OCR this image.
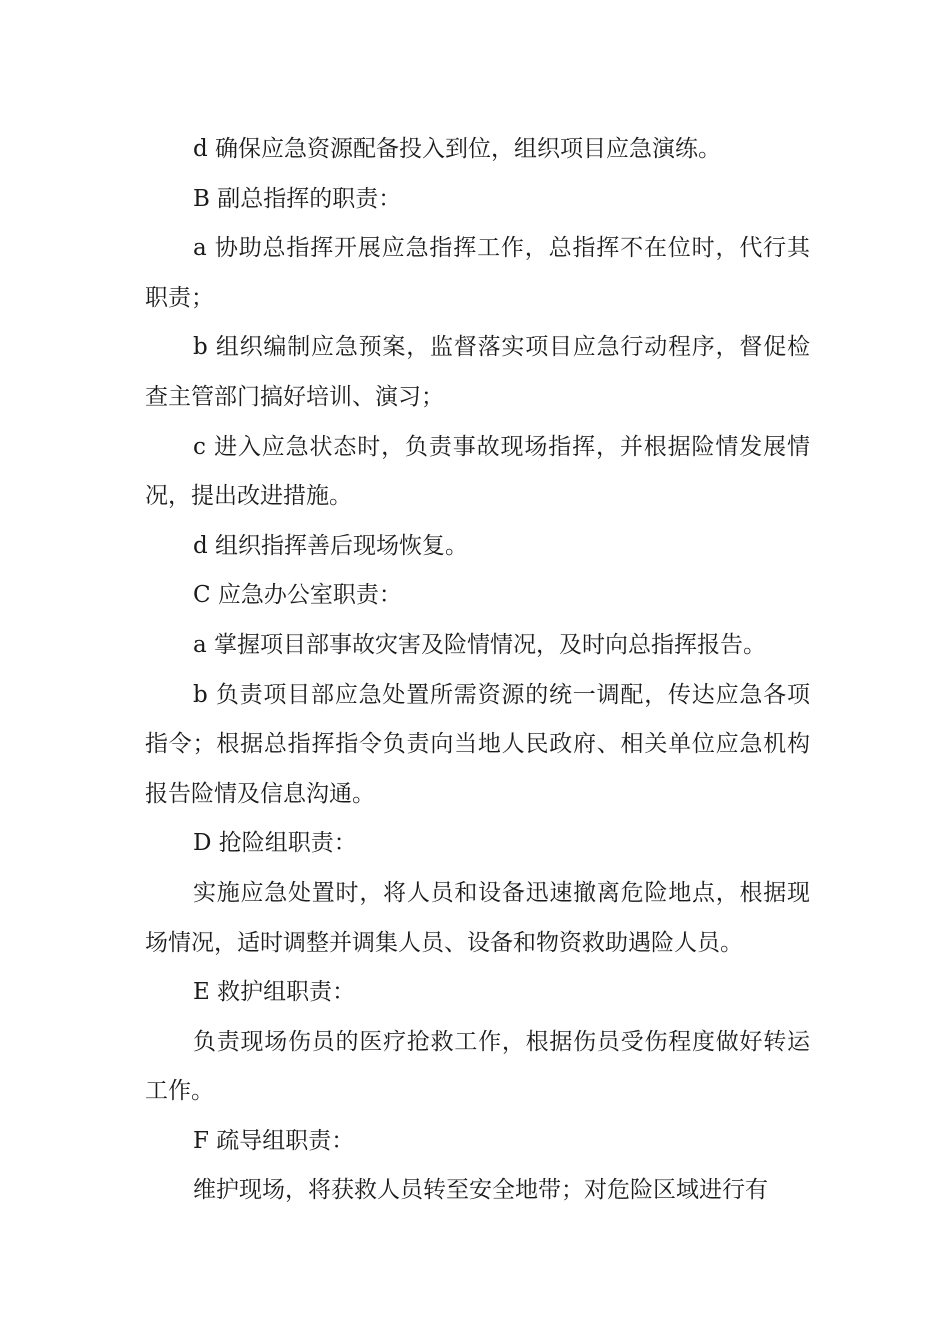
d 确保应急资源配备投入到位，组织项目应急演练。

B 副总指挥的职责：

a 协助总指挥开展应急指挥工作，总指挥不在位时，代行其职责；

b 组织编制应急预案，监督落实项目应急行动程序，督促检查主管部门搞好培训、演习；

c 进入应急状态时，负责事故现场指挥，并根据险情发展情况，提出改进措施。

d 组织指挥善后现场恢复。

C 应急办公室职责：

a 掌握项目部事故灾害及险情情况，及时向总指挥报告。

b 负责项目部应急处置所需资源的统一调配，传达应急各项指令；根据总指挥指令负责向当地人民政府、相关单位应急机构报告险情及信息沟通。

D 抢险组职责：

实施应急处置时，将人员和设备迅速撤离危险地点，根据现场情况，适时调整并调集人员、设备和物资救助遇险人员。

E 救护组职责：

负责现场伤员的医疗抢救工作，根据伤员受伤程度做好转运工作。

F 疏导组职责：

维护现场，将获救人员转至安全地带；对危险区域进行有
